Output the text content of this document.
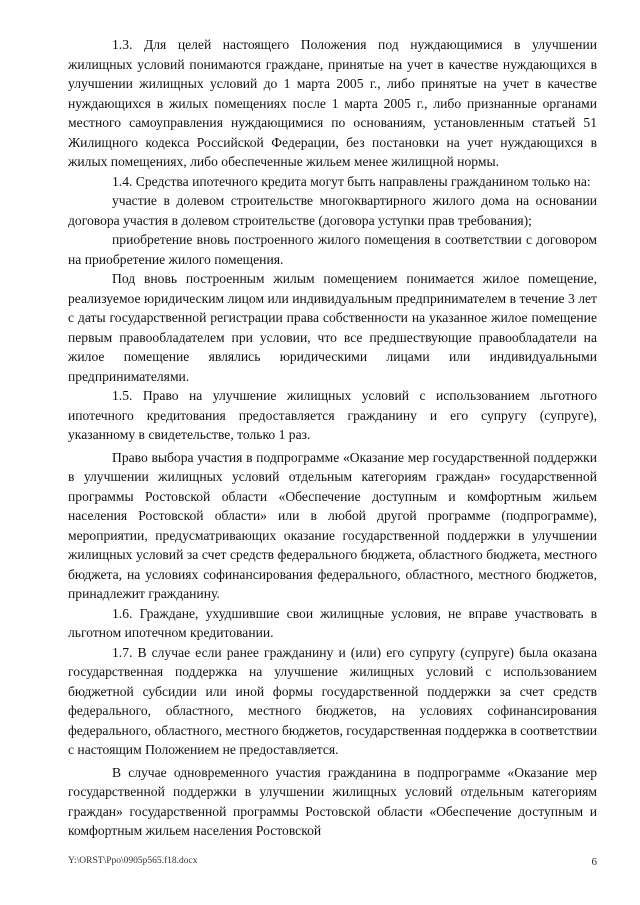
1.3. Для целей настоящего Положения под нуждающимися в улучшении жилищных условий понимаются граждане, принятые на учет в качестве нуждающихся в улучшении жилищных условий до 1 марта 2005 г., либо принятые на учет в качестве нуждающихся в жилых помещениях после 1 марта 2005 г., либо признанные органами местного самоуправления нуждающимися по основаниям, установленным статьей 51 Жилищного кодекса Российской Федерации, без постановки на учет нуждающихся в жилых помещениях, либо обеспеченные жильем менее жилищной нормы.

1.4. Средства ипотечного кредита могут быть направлены гражданином только на:

участие в долевом строительстве многоквартирного жилого дома на основании договора участия в долевом строительстве (договора уступки прав требования);

приобретение вновь построенного жилого помещения в соответствии с договором на приобретение жилого помещения.

Под вновь построенным жилым помещением понимается жилое помещение, реализуемое юридическим лицом или индивидуальным предпринимателем в течение 3 лет с даты государственной регистрации права собственности на указанное жилое помещение первым правообладателем при условии, что все предшествующие правообладатели на жилое помещение являлись юридическими лицами или индивидуальными предпринимателями.

1.5. Право на улучшение жилищных условий с использованием льготного ипотечного кредитования предоставляется гражданину и его супругу (супруге), указанному в свидетельстве, только 1 раз.

Право выбора участия в подпрограмме «Оказание мер государственной поддержки в улучшении жилищных условий отдельным категориям граждан» государственной программы Ростовской области «Обеспечение доступным и комфортным жильем населения Ростовской области» или в любой другой программе (подпрограмме), мероприятии, предусматривающих оказание государственной поддержки в улучшении жилищных условий за счет средств федерального бюджета, областного бюджета, местного бюджета, на условиях софинансирования федерального, областного, местного бюджетов, принадлежит гражданину.

1.6. Граждане, ухудшившие свои жилищные условия, не вправе участвовать в льготном ипотечном кредитовании.

1.7. В случае если ранее гражданину и (или) его супругу (супруге) была оказана государственная поддержка на улучшение жилищных условий с использованием бюджетной субсидии или иной формы государственной поддержки за счет средств федерального, областного, местного бюджетов, на условиях софинансирования федерального, областного, местного бюджетов, государственная поддержка в соответствии с настоящим Положением не предоставляется.

В случае одновременного участия гражданина в подпрограмме «Оказание мер государственной поддержки в улучшении жилищных условий отдельным категориям граждан» государственной программы Ростовской области «Обеспечение доступным и комфортным жильем населения Ростовской

Y:\ORST\Ppo\0905p565.f18.docx	6
